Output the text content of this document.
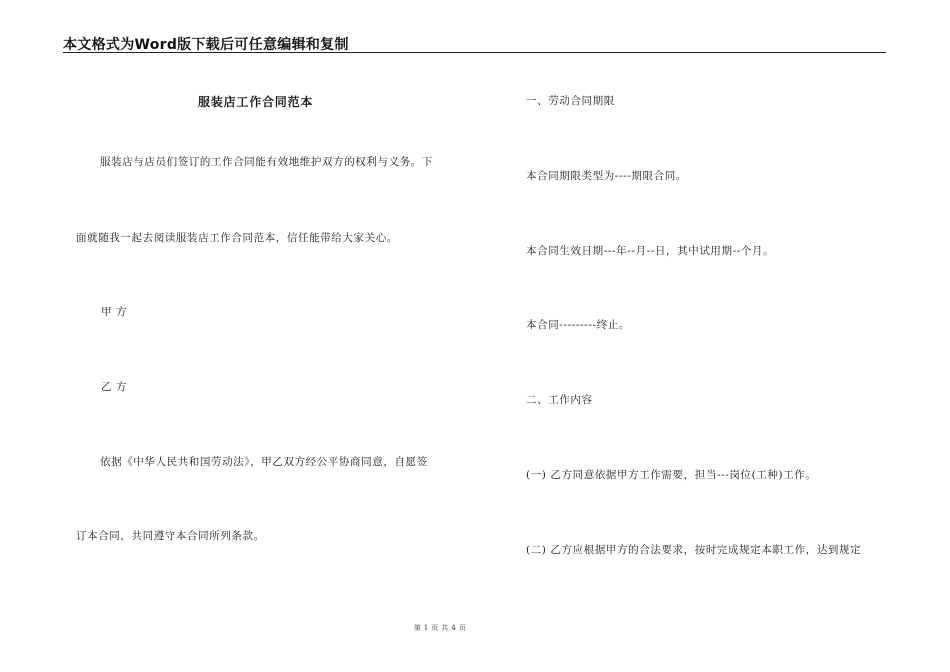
本文格式为Word版下载后可任意编辑和复制
服装店工作合同范本
服装店与店员们签订的工作合同能有效地维护双方的权利与义务。下
面就随我一起去阅读服装店工作合同范本，信任能带给大家关心。
甲 方
乙 方
依据《中华人民共和国劳动法》，甲乙双方经公平协商同意，自愿签
订本合同，共同遵守本合同所列条款。
一、劳动合同期限
本合同期限类型为----期限合同。
本合同生效日期---年--月--日，其中试用期--个月。
本合同---------终止。
二、工作内容
(一) 乙方同意依据甲方工作需要，担当---岗位(工种)工作。
(二) 乙方应根据甲方的合法要求，按时完成规定本职工作，达到规定
第 1 页 共 4 页
